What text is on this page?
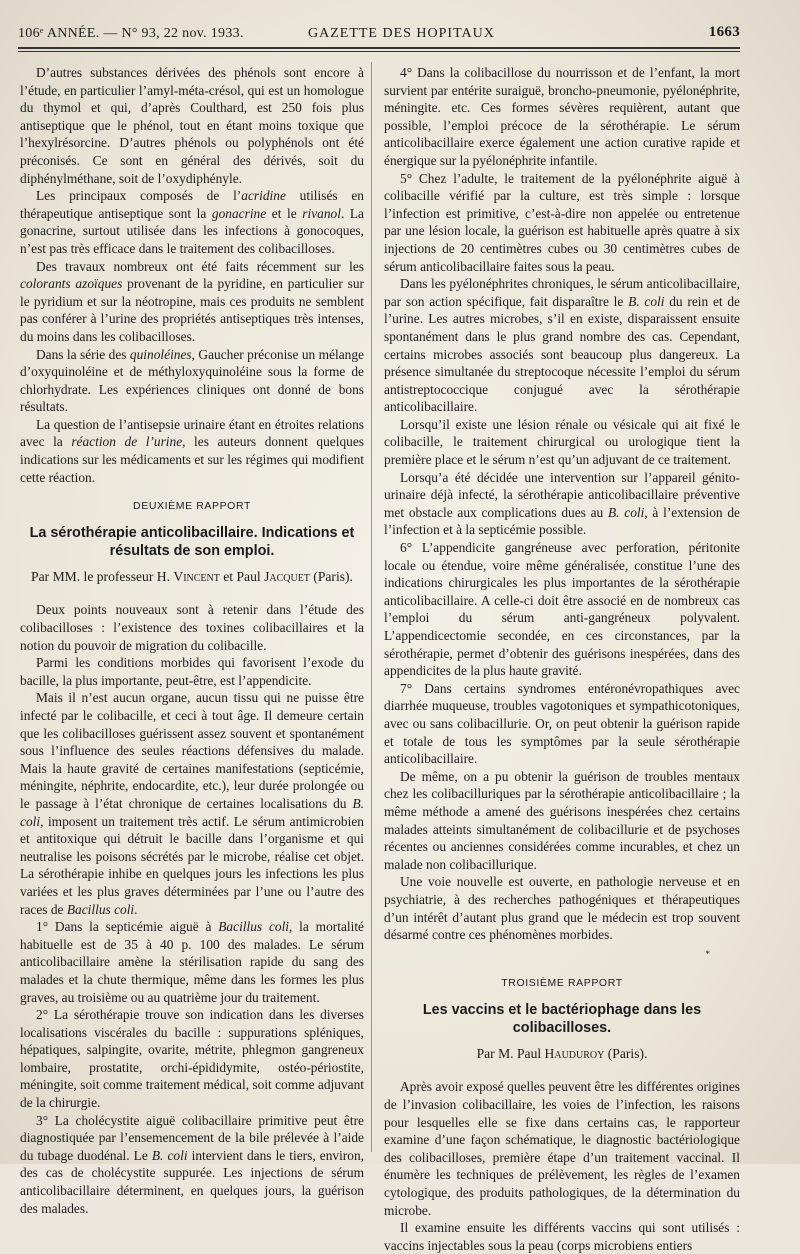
106ᵉ ANNÉE. — N° 93, 22 nov. 1933.	GAZETTE DES HOPITAUX	1663

D’autres substances dérivées des phénols sont encore à l’étude, en particulier l’amyl-méta-crésol, qui est un homologue du thymol et qui, d’après Coulthard, est 250 fois plus antiseptique que le phénol, tout en étant moins toxique que l’hexylrésorcine. D’autres phénols ou polyphénols ont été préconisés. Ce sont en général des dérivés, soit du diphénylméthane, soit de l’oxydiphényle.

Les principaux composés de l’acridine utilisés en thérapeutique antiseptique sont la gonacrine et le rivanol. La gonacrine, surtout utilisée dans les infections à gonocoques, n’est pas très efficace dans le traitement des colibacilloses.

Des travaux nombreux ont été faits récemment sur les colorants azoïques provenant de la pyridine, en particulier sur le pyridium et sur la néotropine, mais ces produits ne semblent pas conférer à l’urine des propriétés antiseptiques très intenses, du moins dans les colibacilloses.

Dans la série des quinoléines, Gaucher préconise un mélange d’oxyquinoléine et de méthyloxyquinoléine sous la forme de chlorhydrate. Les expériences cliniques ont donné de bons résultats.

La question de l’antisepsie urinaire étant en étroites relations avec la réaction de l’urine, les auteurs donnent quelques indications sur les médicaments et sur les régimes qui modifient cette réaction.

DEUXIÈME RAPPORT
La sérothérapie anticolibacillaire. Indications et résultats de son emploi.
Par MM. le professeur H. Vincent et Paul Jacquet (Paris).

Deux points nouveaux sont à retenir dans l’étude des colibacilloses : l’existence des toxines colibacillaires et la notion du pouvoir de migration du colibacille.

Parmi les conditions morbides qui favorisent l’exode du bacille, la plus importante, peut-être, est l’appendicite.

Mais il n’est aucun organe, aucun tissu qui ne puisse être infecté par le colibacille, et ceci à tout âge. Il demeure certain que les colibacilloses guérissent assez souvent et spontanément sous l’influence des seules réactions défensives du malade. Mais la haute gravité de certaines manifestations (septicémie, méningite, néphrite, endocardite, etc.), leur durée prolongée ou le passage à l’état chronique de certaines localisations du B. coli, imposent un traitement très actif. Le sérum antimicrobien et antitoxique qui détruit le bacille dans l’organisme et qui neutralise les poisons sécrétés par le microbe, réalise cet objet. La sérothérapie inhibe en quelques jours les infections les plus variées et les plus graves déterminées par l’une ou l’autre des races de Bacillus coli.

1° Dans la septicémie aiguë à Bacillus coli, la mortalité habituelle est de 35 à 40 p. 100 des malades. Le sérum anticolibacillaire amène la stérilisation rapide du sang des malades et la chute thermique, même dans les formes les plus graves, au troisième ou au quatrième jour du traitement.

2° La sérothérapie trouve son indication dans les diverses localisations viscérales du bacille : suppurations spléniques, hépatiques, salpingite, ovarite, métrite, phlegmon gangreneux lombaire, prostatite, orchi-épididymite, ostéo-périostite, méningite, soit comme traitement médical, soit comme adjuvant de la chirurgie.

3° La cholécystite aiguë colibacillaire primitive peut être diagnostiquée par l’ensemencement de la bile prélevée à l’aide du tubage duodénal. Le B. coli intervient dans le tiers, environ, des cas de cholécystite suppurée. Les injections de sérum anticolibacillaire déterminent, en quelques jours, la guérison des malades.

4° Dans la colibacillose du nourrisson et de l’enfant, la mort survient par entérite suraiguë, broncho-pneumonie, pyélonéphrite, méningite. etc. Ces formes sévères requièrent, autant que possible, l’emploi précoce de la sérothérapie. Le sérum anticolibacillaire exerce également une action curative rapide et énergique sur la pyélonéphrite infantile.

5° Chez l’adulte, le traitement de la pyélonéphrite aiguë à colibacille vérifié par la culture, est très simple : lorsque l’infection est primitive, c’est-à-dire non appelée ou entretenue par une lésion locale, la guérison est habituelle après quatre à six injections de 20 centimètres cubes ou 30 centimètres cubes de sérum anticolibacillaire faites sous la peau.

Dans les pyélonéphrites chroniques, le sérum anticolibacillaire, par son action spécifique, fait disparaître le B. coli du rein et de l’urine. Les autres microbes, s’il en existe, disparaissent ensuite spontanément dans le plus grand nombre des cas. Cependant, certains microbes associés sont beaucoup plus dangereux. La présence simultanée du streptocoque nécessite l’emploi du sérum antistreptococcique conjugué avec la sérothérapie anticolibacillaire.

Lorsqu’il existe une lésion rénale ou vésicale qui ait fixé le colibacille, le traitement chirurgical ou urologique tient la première place et le sérum n’est qu’un adjuvant de ce traitement.

Lorsqu’a été décidée une intervention sur l’appareil génito-urinaire déjà infecté, la sérothérapie anticolibacillaire préventive met obstacle aux complications dues au B. coli, à l’extension de l’infection et à la septicémie possible.

6° L’appendicite gangréneuse avec perforation, péritonite locale ou étendue, voire même généralisée, constitue l’une des indications chirurgicales les plus importantes de la sérothérapie anticolibacillaire. A celle-ci doit être associé en de nombreux cas l’emploi du sérum anti-gangréneux polyvalent. L’appendicectomie secondée, en ces circonstances, par la sérothérapie, permet d’obtenir des guérisons inespérées, dans des appendicites de la plus haute gravité.

7° Dans certains syndromes entéronévropathiques avec diarrhée muqueuse, troubles vagotoniques et sympathicotoniques, avec ou sans colibacillurie. Or, on peut obtenir la guérison rapide et totale de tous les symptômes par la seule sérothérapie anticolibacillaire.

De même, on a pu obtenir la guérison de troubles mentaux chez les colibacilluriques par la sérothérapie anticolibacillaire ; la même méthode a amené des guérisons inespérées chez certains malades atteints simultanément de colibacillurie et de psychoses récentes ou anciennes considérées comme incurables, et chez un malade non colibacillurique.

Une voie nouvelle est ouverte, en pathologie nerveuse et en psychiatrie, à des recherches pathogéniques et thérapeutiques d’un intérêt d’autant plus grand que le médecin est trop souvent désarmé contre ces phénomènes morbides.

*
TROISIÈME RAPPORT
Les vaccins et le bactériophage dans les colibacilloses.
Par M. Paul Hauduroy (Paris).

Après avoir exposé quelles peuvent être les différentes origines de l’invasion colibacillaire, les voies de l’infection, les raisons pour lesquelles elle se fixe dans certains cas, le rapporteur examine d’une façon schématique, le diagnostic bactériologique des colibacilloses, première étape d’un traitement vaccinal. Il énumère les techniques de prélèvement, les règles de l’examen cytologique, des produits pathologiques, de la détermination du microbe.

Il examine ensuite les différents vaccins qui sont utilisés : vaccins injectables sous la peau (corps microbiens entiers
